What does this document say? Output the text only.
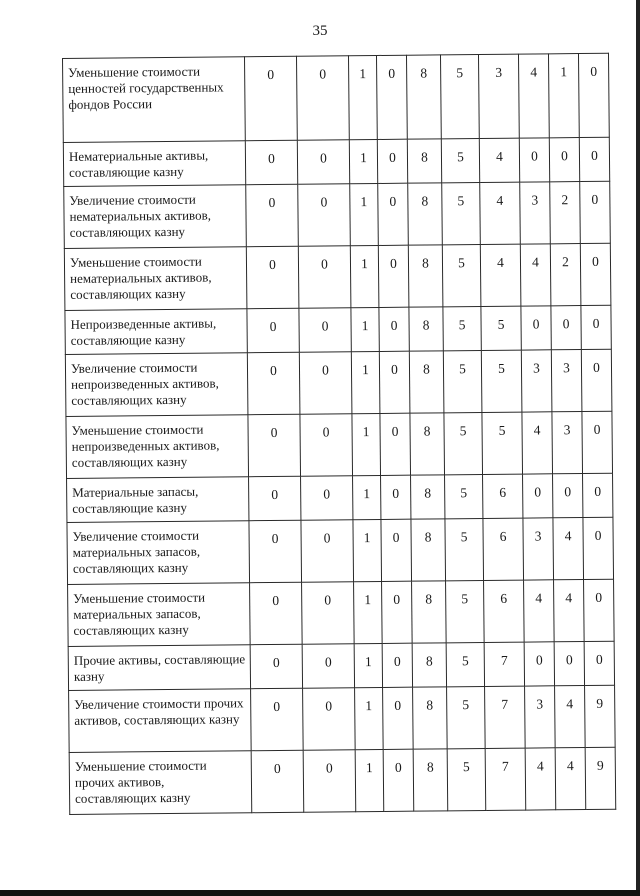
35
Уменьшение стоимости ценностей государственных фондов России	0	0	1	0	8	5	3	4	1	0
Нематериальные активы, составляющие казну	0	0	1	0	8	5	4	0	0	0
Увеличение стоимости нематериальных активов, составляющих казну	0	0	1	0	8	5	4	3	2	0
Уменьшение стоимости нематериальных активов, составляющих казну	0	0	1	0	8	5	4	4	2	0
Непроизведенные активы, составляющие казну	0	0	1	0	8	5	5	0	0	0
Увеличение стоимости непроизведенных активов, составляющих казну	0	0	1	0	8	5	5	3	3	0
Уменьшение стоимости непроизведенных активов, составляющих казну	0	0	1	0	8	5	5	4	3	0
Материальные запасы, составляющие казну	0	0	1	0	8	5	6	0	0	0
Увеличение стоимости материальных запасов, составляющих казну	0	0	1	0	8	5	6	3	4	0
Уменьшение стоимости материальных запасов, составляющих казну	0	0	1	0	8	5	6	4	4	0
Прочие активы, составляющие казну	0	0	1	0	8	5	7	0	0	0
Увеличение стоимости прочих активов, составляющих казну	0	0	1	0	8	5	7	3	4	9
Уменьшение стоимости прочих активов, составляющих казну	0	0	1	0	8	5	7	4	4	9
